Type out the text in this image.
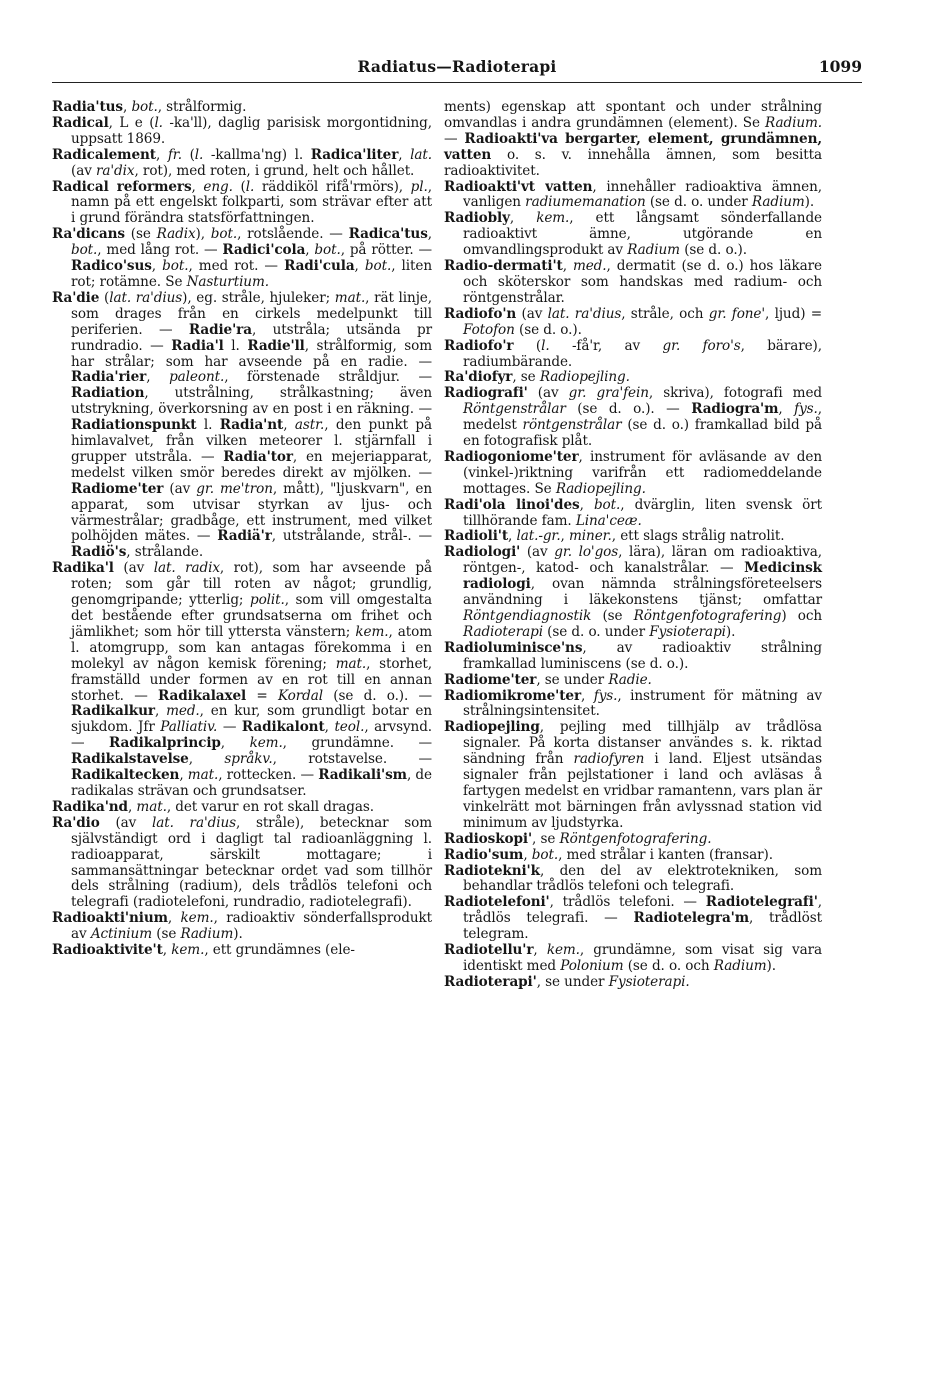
Radiatus—Radioterapi	1099

Radia'tus, bot., strålformig.

Radical, L e (l. -ka'll), daglig parisisk morgontidning, uppsatt 1869.

Radicalement, fr. (l. -kallma'ng) l. Radica'liter, lat. (av ra'dix, rot), med roten, i grund, helt och hållet.

Radical reformers, eng. (l. räddiköl rifå'rmörs), pl., namn på ett engelskt folkparti, som strävar efter att i grund förändra statsförfattningen.

Ra'dicans (se Radix), bot., rotslående. — Radica'tus, bot., med lång rot. — Radici'cola, bot., på rötter. — Radico'sus, bot., med rot. — Radi'cula, bot., liten rot; rotämne. Se Nasturtium.

Ra'die (lat. ra'dius), eg. stråle, hjuleker; mat., rät linje, som drages från en cirkels medelpunkt till periferien. — Radie'ra, utstråla; utsända pr rundradio. — Radia'l l. Radie'll, strålformig, som har strålar; som har avseende på en radie. — Radia'rier, paleont., förstenade stråldjur. — Radiation, utstrålning, strålkastning; även utstrykning, överkorsning av en post i en räkning. — Radiationspunkt l. Radia'nt, astr., den punkt på himlavalvet, från vilken meteorer l. stjärnfall i grupper utstråla. — Radia'tor, en mejeriapparat, medelst vilken smör beredes direkt av mjölken. — Radiome'ter (av gr. me'tron, mått), "ljuskvarn", en apparat, som utvisar styrkan av ljus- och värmestrålar; gradbåge, ett instrument, med vilket polhöjden mätes. — Radiä'r, utstrålande, strål-. — Radiö's, strålande.

Radika'l (av lat. radix, rot), som har avseende på roten; som går till roten av något; grundlig, genomgripande; ytterlig; polit., som vill omgestalta det bestående efter grundsatserna om frihet och jämlikhet; som hör till yttersta vänstern; kem., atom l. atomgrupp, som kan antagas förekomma i en molekyl av någon kemisk förening; mat., storhet, framställd under formen av en rot till en annan storhet. — Radikalaxel = Kordal (se d. o.). — Radikalkur, med., en kur, som grundligt botar en sjukdom. Jfr Palliativ. — Radikalont, teol., arvsynd. — Radikalprincip, kem., grundämne. — Radikalstavelse, språkv., rotstavelse. — Radikaltecken, mat., rottecken. — Radikali'sm, de radikalas strävan och grundsatser.

Radika'nd, mat., det varur en rot skall dragas.

Ra'dio (av lat. ra'dius, stråle), betecknar som självständigt ord i dagligt tal radioanläggning l. radioapparat, särskilt mottagare; i sammansättningar betecknar ordet vad som tillhör dels strålning (radium), dels trådlös telefoni och telegrafi (radiotelefoni, rundradio, radiotelegrafi).

Radioakti'nium, kem., radioaktiv sönderfallsprodukt av Actinium (se Radium).

Radioaktivite't, kem., ett grundämnes (ele-

ments) egenskap att spontant och under strålning omvandlas i andra grundämnen (element). Se Radium. — Radioakti'va bergarter, element, grundämnen, vatten o. s. v. innehålla ämnen, som besitta radioaktivitet.

Radioakti'vt vatten, innehåller radioaktiva ämnen, vanligen radiumemanation (se d. o. under Radium).

Radiobly, kem., ett långsamt sönderfallande radioaktivt ämne, utgörande en omvandlingsprodukt av Radium (se d. o.).

Radio-dermati't, med., dermatit (se d. o.) hos läkare och sköterskor som handskas med radium- och röntgenstrålar.

Radiofo'n (av lat. ra'dius, stråle, och gr. fone', ljud) = Fotofon (se d. o.).

Radiofo'r (l. -få'r, av gr. foro's, bärare), radiumbärande.

Ra'diofyr, se Radiopejling.

Radiografi' (av gr. gra'fein, skriva), fotografi med Röntgenstrålar (se d. o.). — Radiogra'm, fys., medelst röntgenstrålar (se d. o.) framkallad bild på en fotografisk plåt.

Radiogoniome'ter, instrument för avläsande av den (vinkel-)riktning varifrån ett radiomeddelande mottages. Se Radiopejling.

Radi'ola linoi'des, bot., dvärglin, liten svensk ört tillhörande fam. Lina'ceæ.

Radioli't, lat.-gr., miner., ett slags strålig natrolit.

Radiologi' (av gr. lo'gos, lära), läran om radioaktiva, röntgen-, katod- och kanalstrålar. — Medicinsk radiologi, ovan nämnda strålningsföreteelsers användning i läkekonstens tjänst; omfattar Röntgendiagnostik (se Röntgenfotografering) och Radioterapi (se d. o. under Fysioterapi).

Radioluminisce'ns, av radioaktiv strålning framkallad luminiscens (se d. o.).

Radiome'ter, se under Radie.

Radiomikrome'ter, fys., instrument för mätning av strålningsintensitet.

Radiopejling, pejling med tillhjälp av trådlösa signaler. På korta distanser användes s. k. riktad sändning från radiofyren i land. Eljest utsändas signaler från pejlstationer i land och avläsas å fartygen medelst en vridbar ramantenn, vars plan är vinkelrätt mot bärningen från avlyssnad station vid minimum av ljudstyrka.

Radioskopi', se Röntgenfotografering.

Radio'sum, bot., med strålar i kanten (fransar).

Radiotekni'k, den del av elektrotekniken, som behandlar trådlös telefoni och telegrafi.

Radiotelefoni', trådlös telefoni. — Radiotelegrafi', trådlös telegrafi. — Radiotelegra'm, trådlöst telegram.

Radiotellu'r, kem., grundämne, som visat sig vara identiskt med Polonium (se d. o. och Radium).

Radioterapi', se under Fysioterapi.
